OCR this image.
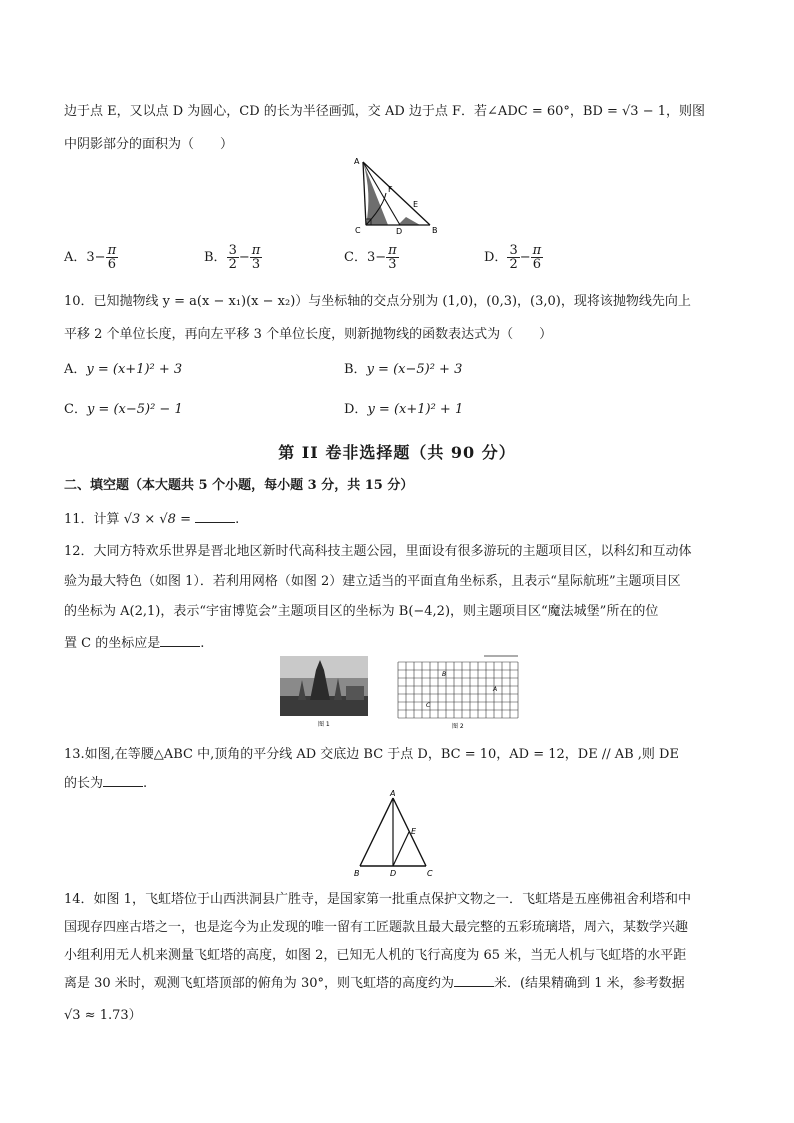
边于点 E，又以点 D 为圆心，CD 的长为半径画弧，交 AD 边于点 F．若∠ADC = 60°，BD = √3 − 1，则图
中阴影部分的面积为（　　）
A
C	D	B
E
F
A．$3- \frac{\pi}{6}$	B． $\frac{3}{2} - \frac{\pi}{3}$	C．$3- \frac{\pi}{3}$	D． $\frac{3}{2} - \frac{\pi}{6}$
10．已知抛物线 y = a(x − x₁)(x − x₂)）与坐标轴的交点分别为 (1,0)，(0,3)，(3,0)，现将该抛物线先向上
平移 2 个单位长度，再向左平移 3 个单位长度，则新抛物线的函数表达式为（　　）
A．y = (x+1)² + 3	B．y = (x−5)² + 3
C．y = (x−5)² − 1	D．y = (x+1)² + 1
第 II 卷非选择题（共 90 分）
二、填空题（本大题共 5 个小题，每小题 3 分，共 15 分）
11．计算 √3 × √8 =	.
12．大同方特欢乐世界是晋北地区新时代高科技主题公园，里面设有很多游玩的主题项目区，以科幻和互动体
验为最大特色（如图 1）．若利用网格（如图 2）建立适当的平面直角坐标系，且表示“星际航班”主题项目区
的坐标为 A(2,1)，表示“宇宙博览会”主题项目区的坐标为 B(−4,2)，则主题项目区“魔法城堡”所在的位
置 C 的坐标应是	.
图 1
B
A
C
图 2
13.如图,在等腰△ABC 中,顶角的平分线 AD 交底边 BC 于点 D，BC = 10，AD = 12，DE // AB ,则 DE
的长为	.
A
B	D	C
E
14．如图 1，飞虹塔位于山西洪洞县广胜寺，是国家第一批重点保护文物之一．飞虹塔是五座佛祖舍利塔和中
国现存四座古塔之一，也是迄今为止发现的唯一留有工匠题款且最大最完整的五彩琉璃塔，周六，某数学兴趣
小组利用无人机来测量飞虹塔的高度，如图 2，已知无人机的飞行高度为 65 米，当无人机与飞虹塔的水平距
离是 30 米时，观测飞虹塔顶部的俯角为 30°，则飞虹塔的高度约为	米．(结果精确到 1 米，参考数据
√3 ≈ 1.73）
